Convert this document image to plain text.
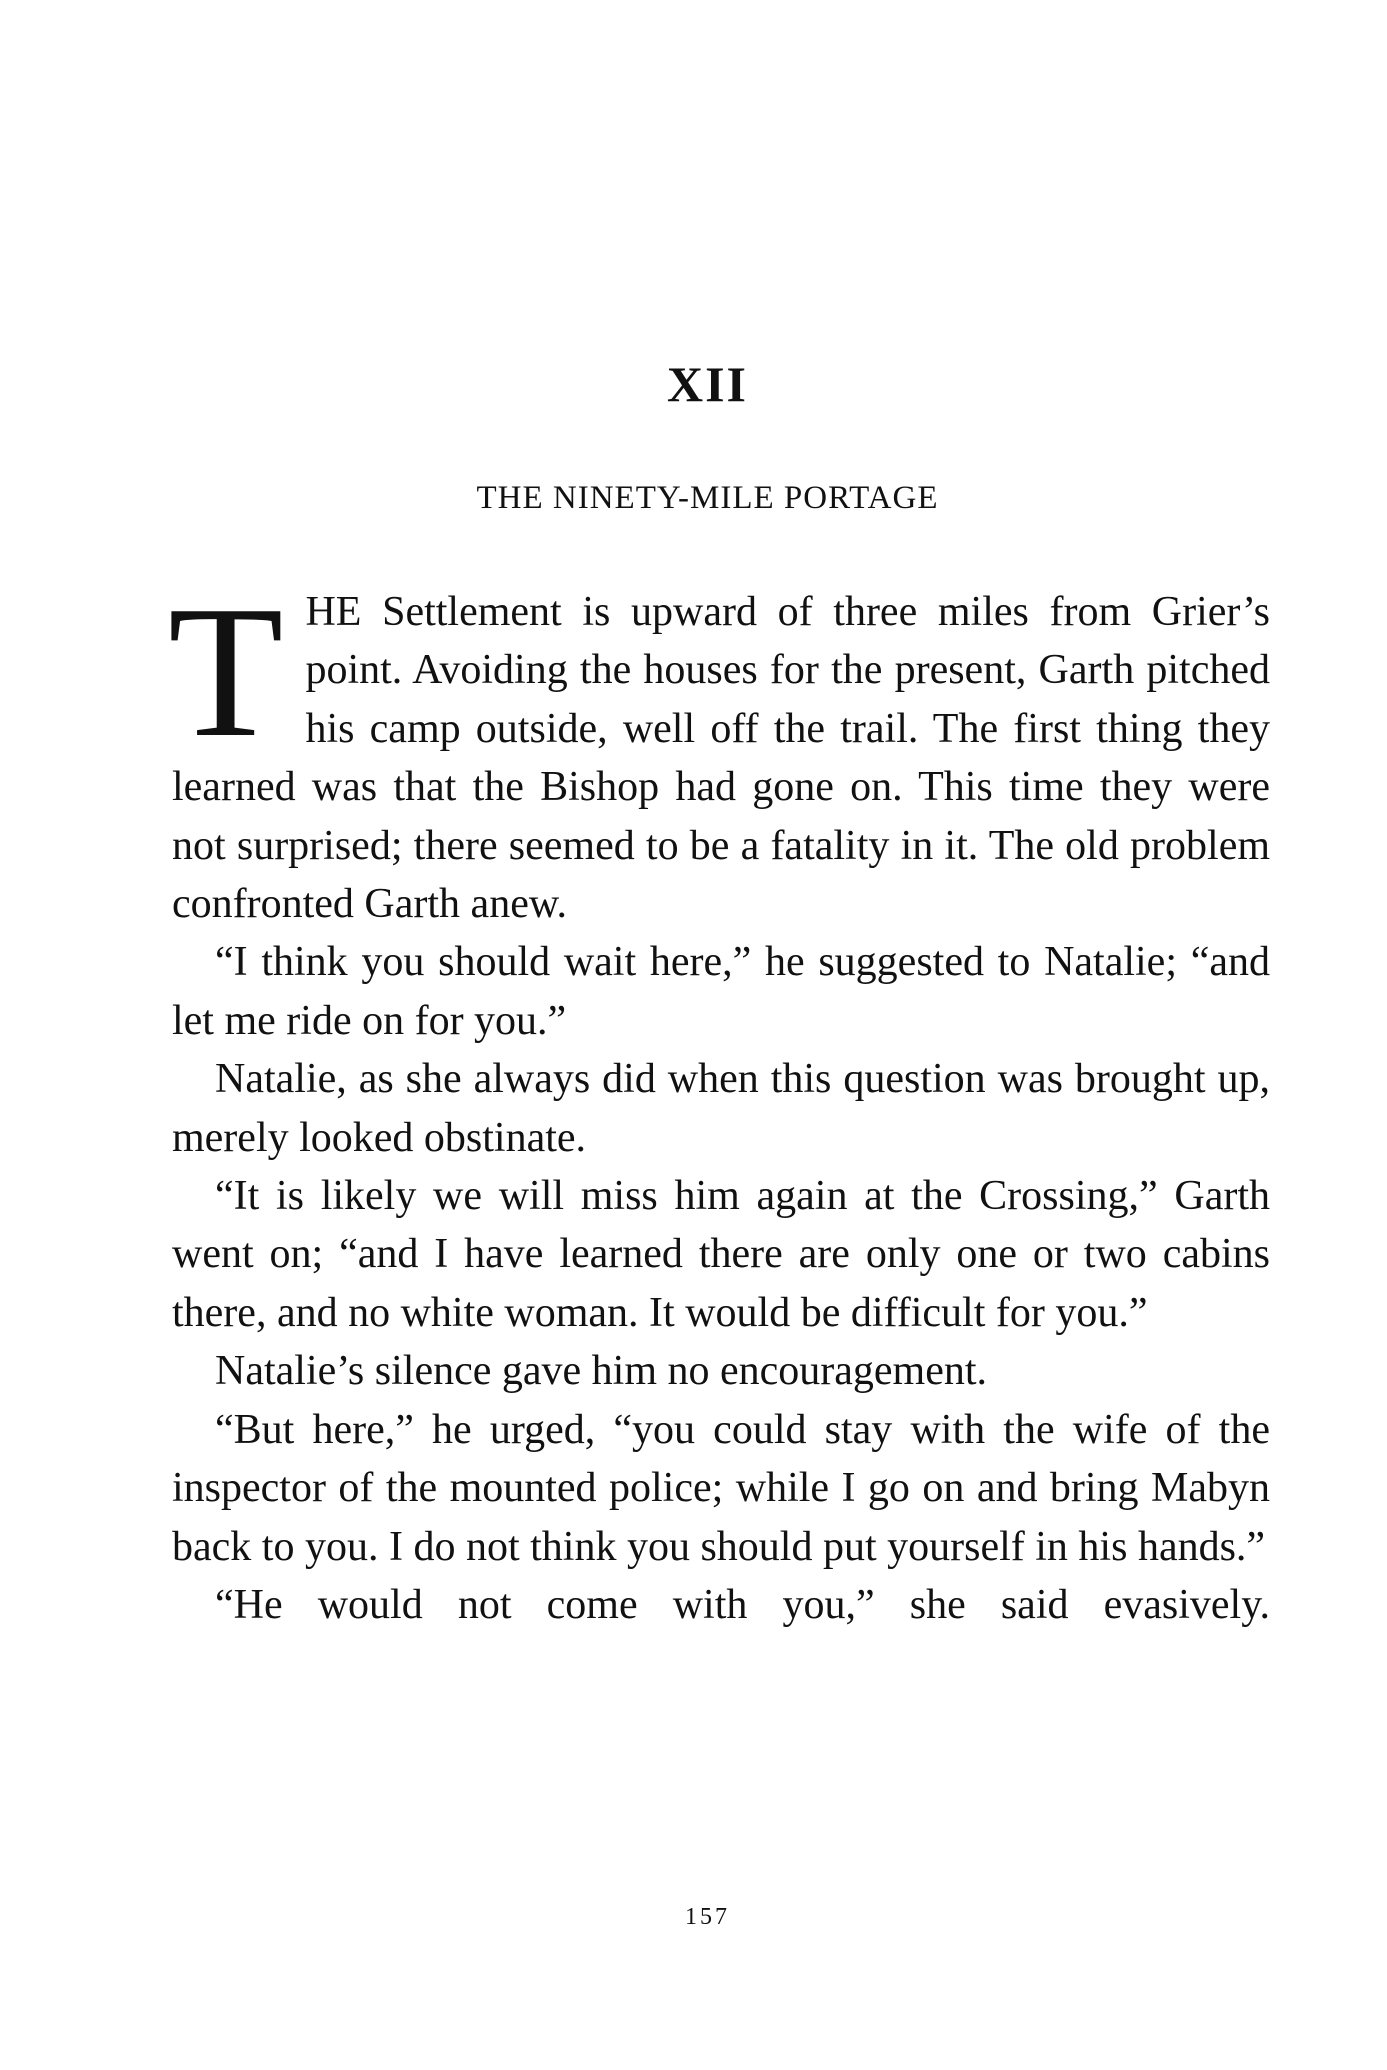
XII
THE NINETY-MILE PORTAGE

THE Settlement is upward of three miles from Grier’s point. Avoiding the houses for the present, Garth pitched his camp outside, well off the trail. The first thing they learned was that the Bishop had gone on. This time they were not surprised; there seemed to be a fatality in it. The old problem confronted Garth anew.

“I think you should wait here,” he suggested to Natalie; “and let me ride on for you.”

Natalie, as she always did when this question was brought up, merely looked obstinate.

“It is likely we will miss him again at the Crossing,” Garth went on; “and I have learned there are only one or two cabins there, and no white woman. It would be difficult for you.”

Natalie’s silence gave him no encouragement.

“But here,” he urged, “you could stay with the wife of the inspector of the mounted police; while I go on and bring Mabyn back to you. I do not think you should put yourself in his hands.”

“He would not come with you,” she said evasively.

157
